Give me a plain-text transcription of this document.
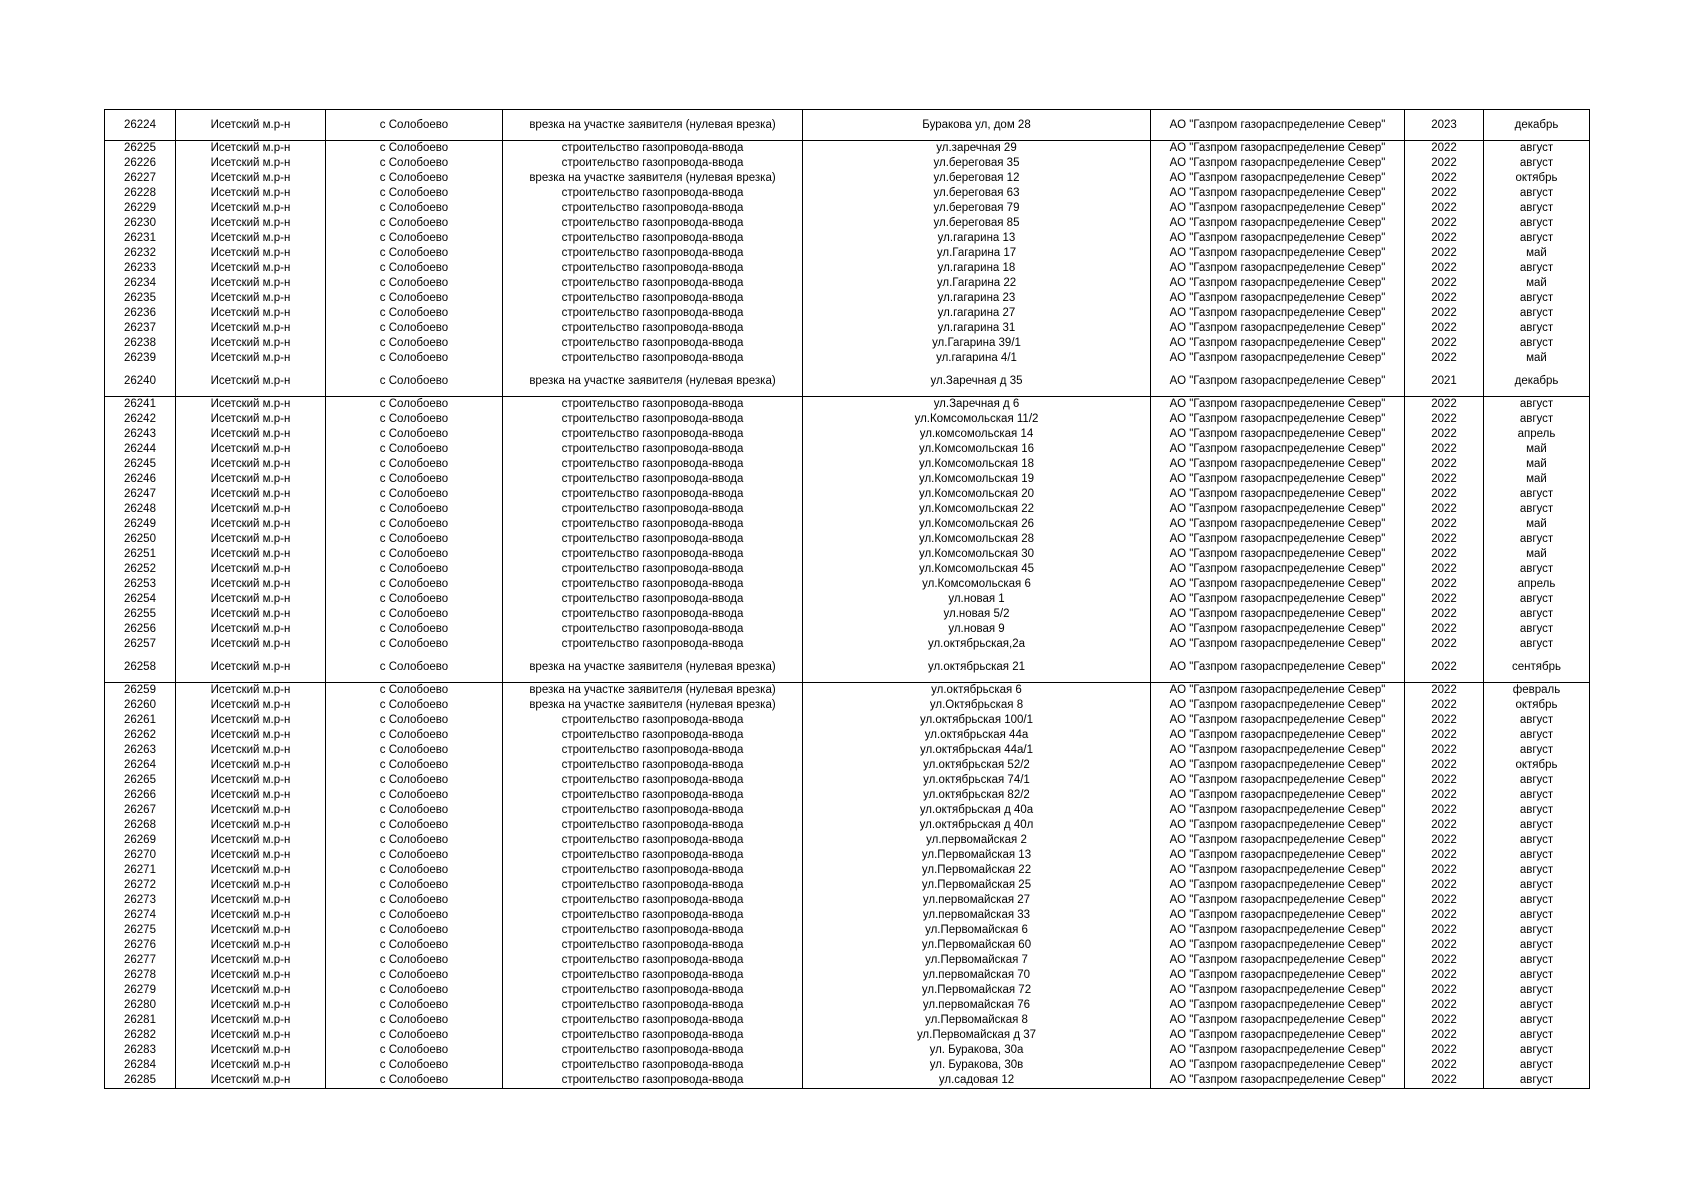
26224	Исетский м.р-н	с Солобоево	врезка на участке заявителя (нулевая врезка)	Буракова ул, дом 28	АО "Газпром газораспределение Север"	2023	декабрь
26225	Исетский м.р-н	с Солобоево	строительство газопровода-ввода	ул.заречная 29	АО "Газпром газораспределение Север"	2022	август
26226	Исетский м.р-н	с Солобоево	строительство газопровода-ввода	ул.береговая 35	АО "Газпром газораспределение Север"	2022	август
26227	Исетский м.р-н	с Солобоево	врезка на участке заявителя (нулевая врезка)	ул.береговая 12	АО "Газпром газораспределение Север"	2022	октябрь
26228	Исетский м.р-н	с Солобоево	строительство газопровода-ввода	ул.береговая 63	АО "Газпром газораспределение Север"	2022	август
26229	Исетский м.р-н	с Солобоево	строительство газопровода-ввода	ул.береговая 79	АО "Газпром газораспределение Север"	2022	август
26230	Исетский м.р-н	с Солобоево	строительство газопровода-ввода	ул.береговая 85	АО "Газпром газораспределение Север"	2022	август
26231	Исетский м.р-н	с Солобоево	строительство газопровода-ввода	ул.гагарина 13	АО "Газпром газораспределение Север"	2022	август
26232	Исетский м.р-н	с Солобоево	строительство газопровода-ввода	ул.Гагарина 17	АО "Газпром газораспределение Север"	2022	май
26233	Исетский м.р-н	с Солобоево	строительство газопровода-ввода	ул.гагарина 18	АО "Газпром газораспределение Север"	2022	август
26234	Исетский м.р-н	с Солобоево	строительство газопровода-ввода	ул.Гагарина 22	АО "Газпром газораспределение Север"	2022	май
26235	Исетский м.р-н	с Солобоево	строительство газопровода-ввода	ул.гагарина 23	АО "Газпром газораспределение Север"	2022	август
26236	Исетский м.р-н	с Солобоево	строительство газопровода-ввода	ул.гагарина 27	АО "Газпром газораспределение Север"	2022	август
26237	Исетский м.р-н	с Солобоево	строительство газопровода-ввода	ул.гагарина 31	АО "Газпром газораспределение Север"	2022	август
26238	Исетский м.р-н	с Солобоево	строительство газопровода-ввода	ул.Гагарина 39/1	АО "Газпром газораспределение Север"	2022	август
26239	Исетский м.р-н	с Солобоево	строительство газопровода-ввода	ул.гагарина 4/1	АО "Газпром газораспределение Север"	2022	май
26240	Исетский м.р-н	с Солобоево	врезка на участке заявителя (нулевая врезка)	ул.Заречная д 35	АО "Газпром газораспределение Север"	2021	декабрь
26241	Исетский м.р-н	с Солобоево	строительство газопровода-ввода	ул.Заречная д 6	АО "Газпром газораспределение Север"	2022	август
26242	Исетский м.р-н	с Солобоево	строительство газопровода-ввода	ул.Комсомольская 11/2	АО "Газпром газораспределение Север"	2022	август
26243	Исетский м.р-н	с Солобоево	строительство газопровода-ввода	ул.комсомольская 14	АО "Газпром газораспределение Север"	2022	апрель
26244	Исетский м.р-н	с Солобоево	строительство газопровода-ввода	ул.Комсомольская 16	АО "Газпром газораспределение Север"	2022	май
26245	Исетский м.р-н	с Солобоево	строительство газопровода-ввода	ул.Комсомольская 18	АО "Газпром газораспределение Север"	2022	май
26246	Исетский м.р-н	с Солобоево	строительство газопровода-ввода	ул.Комсомольская 19	АО "Газпром газораспределение Север"	2022	май
26247	Исетский м.р-н	с Солобоево	строительство газопровода-ввода	ул.Комсомольская 20	АО "Газпром газораспределение Север"	2022	август
26248	Исетский м.р-н	с Солобоево	строительство газопровода-ввода	ул.Комсомольская 22	АО "Газпром газораспределение Север"	2022	август
26249	Исетский м.р-н	с Солобоево	строительство газопровода-ввода	ул.Комсомольская 26	АО "Газпром газораспределение Север"	2022	май
26250	Исетский м.р-н	с Солобоево	строительство газопровода-ввода	ул.Комсомольская 28	АО "Газпром газораспределение Север"	2022	август
26251	Исетский м.р-н	с Солобоево	строительство газопровода-ввода	ул.Комсомольская 30	АО "Газпром газораспределение Север"	2022	май
26252	Исетский м.р-н	с Солобоево	строительство газопровода-ввода	ул.Комсомольская 45	АО "Газпром газораспределение Север"	2022	август
26253	Исетский м.р-н	с Солобоево	строительство газопровода-ввода	ул.Комсомольская 6	АО "Газпром газораспределение Север"	2022	апрель
26254	Исетский м.р-н	с Солобоево	строительство газопровода-ввода	ул.новая 1	АО "Газпром газораспределение Север"	2022	август
26255	Исетский м.р-н	с Солобоево	строительство газопровода-ввода	ул.новая 5/2	АО "Газпром газораспределение Север"	2022	август
26256	Исетский м.р-н	с Солобоево	строительство газопровода-ввода	ул.новая 9	АО "Газпром газораспределение Север"	2022	август
26257	Исетский м.р-н	с Солобоево	строительство газопровода-ввода	ул.октябрьская,2а	АО "Газпром газораспределение Север"	2022	август
26258	Исетский м.р-н	с Солобоево	врезка на участке заявителя (нулевая врезка)	ул.октябрьская 21	АО "Газпром газораспределение Север"	2022	сентябрь
26259	Исетский м.р-н	с Солобоево	врезка на участке заявителя (нулевая врезка)	ул.октябрьская 6	АО "Газпром газораспределение Север"	2022	февраль
26260	Исетский м.р-н	с Солобоево	врезка на участке заявителя (нулевая врезка)	ул.Октябрьская 8	АО "Газпром газораспределение Север"	2022	октябрь
26261	Исетский м.р-н	с Солобоево	строительство газопровода-ввода	ул.октябрьская 100/1	АО "Газпром газораспределение Север"	2022	август
26262	Исетский м.р-н	с Солобоево	строительство газопровода-ввода	ул.октябрьская 44а	АО "Газпром газораспределение Север"	2022	август
26263	Исетский м.р-н	с Солобоево	строительство газопровода-ввода	ул.октябрьская 44а/1	АО "Газпром газораспределение Север"	2022	август
26264	Исетский м.р-н	с Солобоево	строительство газопровода-ввода	ул.октябрьская 52/2	АО "Газпром газораспределение Север"	2022	октябрь
26265	Исетский м.р-н	с Солобоево	строительство газопровода-ввода	ул.октябрьская 74/1	АО "Газпром газораспределение Север"	2022	август
26266	Исетский м.р-н	с Солобоево	строительство газопровода-ввода	ул.октябрьская 82/2	АО "Газпром газораспределение Север"	2022	август
26267	Исетский м.р-н	с Солобоево	строительство газопровода-ввода	ул.октябрьская д 40а	АО "Газпром газораспределение Север"	2022	август
26268	Исетский м.р-н	с Солобоево	строительство газопровода-ввода	ул.октябрьская д 40л	АО "Газпром газораспределение Север"	2022	август
26269	Исетский м.р-н	с Солобоево	строительство газопровода-ввода	ул.первомайская 2	АО "Газпром газораспределение Север"	2022	август
26270	Исетский м.р-н	с Солобоево	строительство газопровода-ввода	ул.Первомайская 13	АО "Газпром газораспределение Север"	2022	август
26271	Исетский м.р-н	с Солобоево	строительство газопровода-ввода	ул.Первомайская 22	АО "Газпром газораспределение Север"	2022	август
26272	Исетский м.р-н	с Солобоево	строительство газопровода-ввода	ул.Первомайская 25	АО "Газпром газораспределение Север"	2022	август
26273	Исетский м.р-н	с Солобоево	строительство газопровода-ввода	ул.первомайская 27	АО "Газпром газораспределение Север"	2022	август
26274	Исетский м.р-н	с Солобоево	строительство газопровода-ввода	ул.первомайская 33	АО "Газпром газораспределение Север"	2022	август
26275	Исетский м.р-н	с Солобоево	строительство газопровода-ввода	ул.Первомайская 6	АО "Газпром газораспределение Север"	2022	август
26276	Исетский м.р-н	с Солобоево	строительство газопровода-ввода	ул.Первомайская 60	АО "Газпром газораспределение Север"	2022	август
26277	Исетский м.р-н	с Солобоево	строительство газопровода-ввода	ул.Первомайская 7	АО "Газпром газораспределение Север"	2022	август
26278	Исетский м.р-н	с Солобоево	строительство газопровода-ввода	ул.первомайская 70	АО "Газпром газораспределение Север"	2022	август
26279	Исетский м.р-н	с Солобоево	строительство газопровода-ввода	ул.Первомайская 72	АО "Газпром газораспределение Север"	2022	август
26280	Исетский м.р-н	с Солобоево	строительство газопровода-ввода	ул.первомайская 76	АО "Газпром газораспределение Север"	2022	август
26281	Исетский м.р-н	с Солобоево	строительство газопровода-ввода	ул.Первомайская 8	АО "Газпром газораспределение Север"	2022	август
26282	Исетский м.р-н	с Солобоево	строительство газопровода-ввода	ул.Первомайская д 37	АО "Газпром газораспределение Север"	2022	август
26283	Исетский м.р-н	с Солобоево	строительство газопровода-ввода	ул. Буракова, 30а	АО "Газпром газораспределение Север"	2022	август
26284	Исетский м.р-н	с Солобоево	строительство газопровода-ввода	ул. Буракова, 30в	АО "Газпром газораспределение Север"	2022	август
26285	Исетский м.р-н	с Солобоево	строительство газопровода-ввода	ул.садовая 12	АО "Газпром газораспределение Север"	2022	август
